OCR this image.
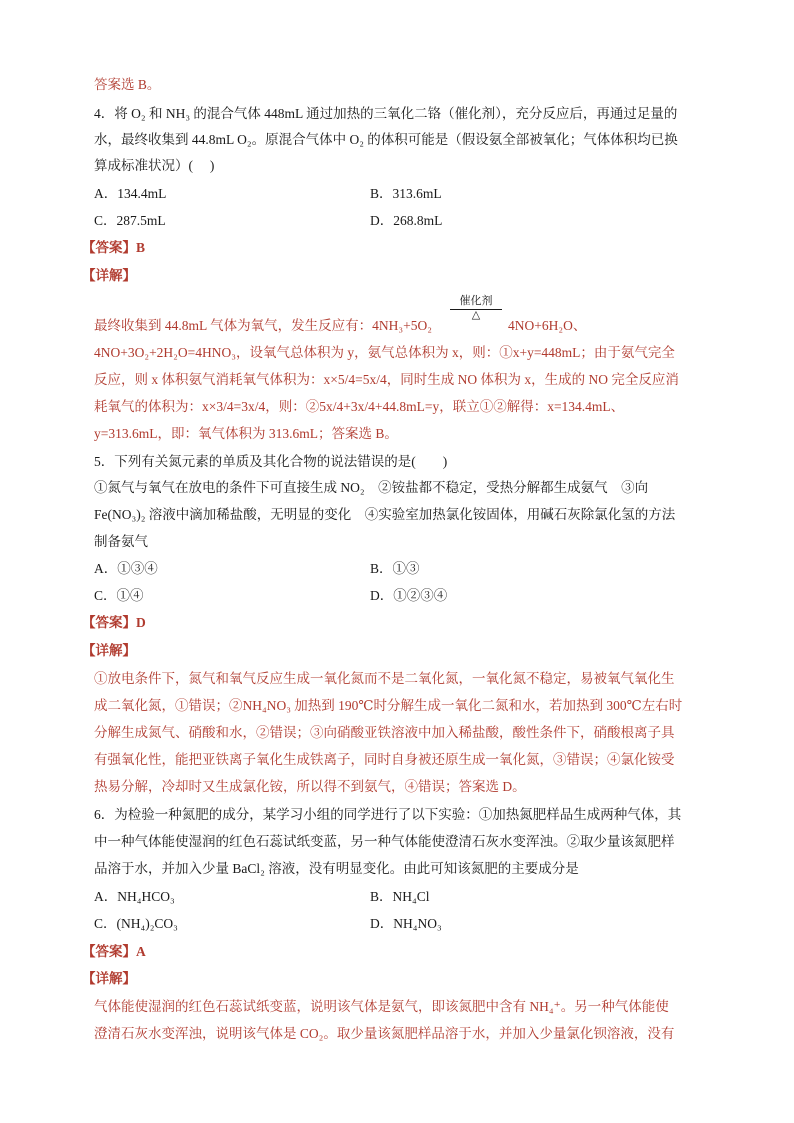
答案选 B。
4．将 O₂ 和 NH₃ 的混合气体 448mL 通过加热的三氧化二铬（催化剂），充分反应后，再通过足量的
水，最终收集到 44.8mL O₂。原混合气体中 O₂ 的体积可能是（假设氨全部被氧化；气体体积均已换
算成标准状况）(　 )
A．134.4mL	B．313.6mL
C．287.5mL	D．268.8mL
【答案】B
【详解】
催化剂
△
最终收集到 44.8mL 气体为氧气，发生反应有：4NH₃+5O₂	4NO+6H₂O、
4NO+3O₂+2H₂O=4HNO₃，设氧气总体积为 y，氨气总体积为 x，则：①x+y=448mL；由于氨气完全
反应，则 x 体积氨气消耗氧气体积为：x×5/4=5x/4，同时生成 NO 体积为 x，生成的 NO 完全反应消
耗氧气的体积为：x×3/4=3x/4，则：②5x/4+3x/4+44.8mL=y，联立①②解得：x=134.4mL、
y=313.6mL，即：氧气体积为 313.6mL；答案选 B。
5．下列有关氮元素的单质及其化合物的说法错误的是(　　)
①氮气与氧气在放电的条件下可直接生成 NO₂　②铵盐都不稳定，受热分解都生成氨气　③向
Fe(NO₃)₂ 溶液中滴加稀盐酸，无明显的变化　④实验室加热氯化铵固体，用碱石灰除氯化氢的方法
制备氨气
A．①③④	B．①③
C．①④	D．①②③④
【答案】D
【详解】
①放电条件下，氮气和氧气反应生成一氧化氮而不是二氧化氮，一氧化氮不稳定，易被氧气氧化生
成二氧化氮，①错误；②NH₄NO₃ 加热到 190℃时分解生成一氧化二氮和水，若加热到 300℃左右时
分解生成氮气、硝酸和水，②错误；③向硝酸亚铁溶液中加入稀盐酸，酸性条件下，硝酸根离子具
有强氧化性，能把亚铁离子氧化生成铁离子，同时自身被还原生成一氧化氮，③错误；④氯化铵受
热易分解，冷却时又生成氯化铵，所以得不到氨气，④错误；答案选 D。
6．为检验一种氮肥的成分，某学习小组的同学进行了以下实验：①加热氮肥样品生成两种气体，其
中一种气体能使湿润的红色石蕊试纸变蓝，另一种气体能使澄清石灰水变浑浊。②取少量该氮肥样
品溶于水，并加入少量 BaCl₂ 溶液，没有明显变化。由此可知该氮肥的主要成分是
A．NH₄HCO₃	B．NH₄Cl
C．(NH₄)₂CO₃	D．NH₄NO₃
【答案】A
【详解】
气体能使湿润的红色石蕊试纸变蓝，说明该气体是氨气，即该氮肥中含有 NH₄⁺。另一种气体能使
澄清石灰水变浑浊，说明该气体是 CO₂。取少量该氮肥样品溶于水，并加入少量氯化钡溶液，没有
